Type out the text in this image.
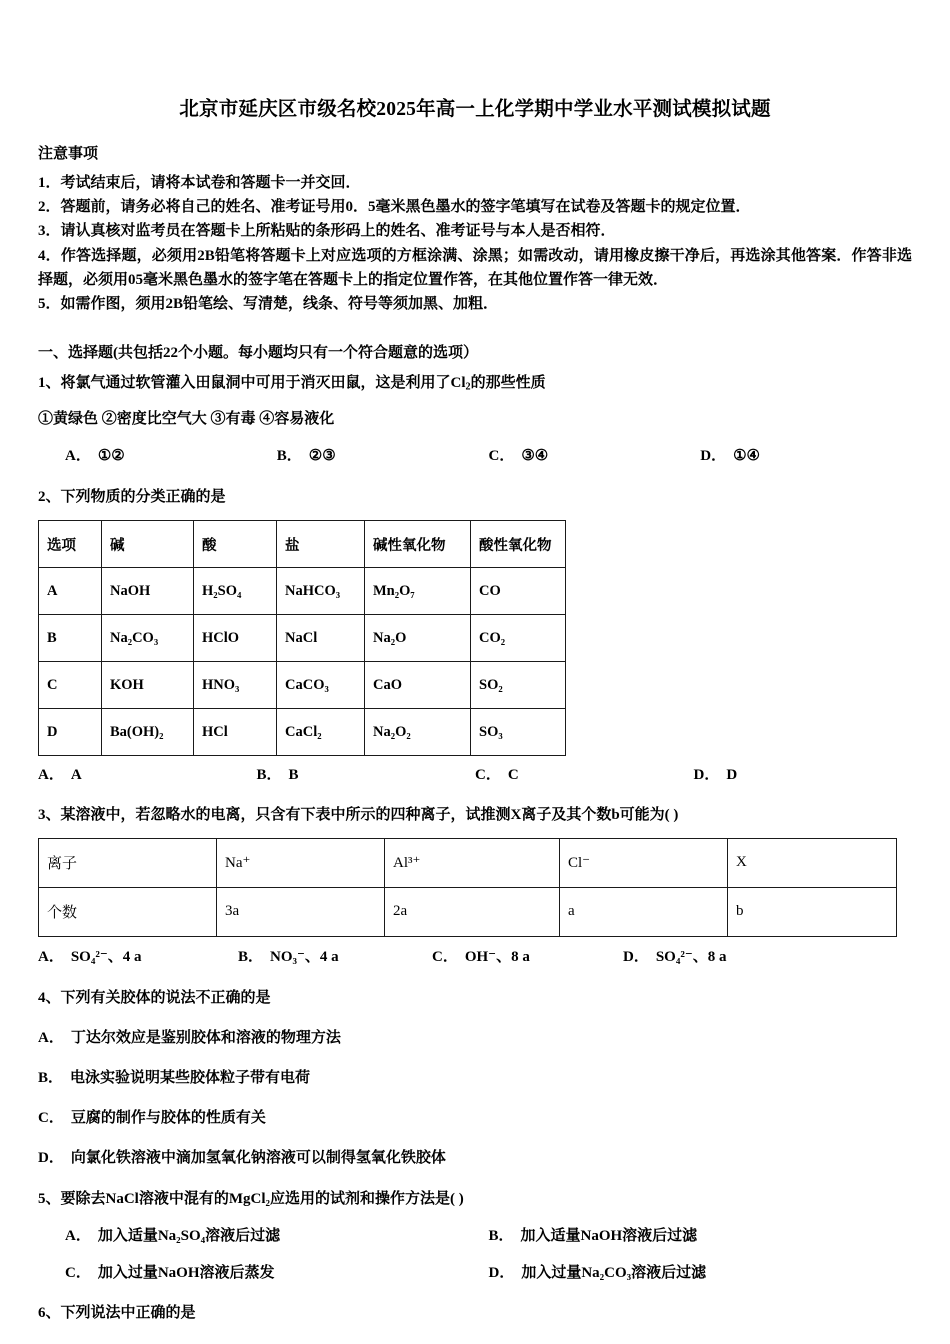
北京市延庆区市级名校2025年高一上化学期中学业水平测试模拟试题

注意事项

1．考试结束后，请将本试卷和答题卡一并交回．

2．答题前，请务必将自己的姓名、准考证号用0．5毫米黑色墨水的签字笔填写在试卷及答题卡的规定位置．

3．请认真核对监考员在答题卡上所粘贴的条形码上的姓名、准考证号与本人是否相符．

4．作答选择题，必须用2B铅笔将答题卡上对应选项的方框涂满、涂黑；如需改动，请用橡皮擦干净后，再选涂其他答案．作答非选择题，必须用05毫米黑色墨水的签字笔在答题卡上的指定位置作答，在其他位置作答一律无效．

5．如需作图，须用2B铅笔绘、写清楚，线条、符号等须加黑、加粗．

一、选择题(共包括22个小题。每小题均只有一个符合题意的选项）

1、将氯气通过软管灌入田鼠洞中可用于消灭田鼠，这是利用了$Cl_2$的那些性质

①黄绿色 ②密度比空气大 ③有毒 ④容易液化

A． ①②	B． ②③	C． ③④	D． ①④

2、下列物质的分类正确的是

选项	碱	酸	盐	碱性氧化物	酸性氧化物
A	NaOH	H₂SO₄	NaHCO₃	Mn₂O₇	CO
B	Na₂CO₃	HClO	NaCl	Na₂O	CO₂
C	KOH	HNO₃	CaCO₃	CaO	SO₂
D	Ba(OH)₂	HCl	CaCl₂	Na₂O₂	SO₃
A． A	B． B	C． C	D． D

3、某溶液中，若忽略水的电离，只含有下表中所示的四种离子，试推测X离子及其个数b可能为( )

离子	Na⁺	Al³⁺	Cl⁻	X
个数	3a	2a	a	b
A． SO₄²⁻、4 a	B． NO₃⁻、4 a	C． OH⁻、8 a	D． SO₄²⁻、8 a

4、下列有关胶体的说法不正确的是

A． 丁达尔效应是鉴别胶体和溶液的物理方法

B． 电泳实验说明某些胶体粒子带有电荷

C． 豆腐的制作与胶体的性质有关

D． 向氯化铁溶液中滴加氢氧化钠溶液可以制得氢氧化铁胶体

5、要除去NaCl溶液中混有的MgCl₂应选用的试剂和操作方法是( )

A． 加入适量Na₂SO₄溶液后过滤	B． 加入适量NaOH溶液后过滤
C． 加入过量NaOH溶液后蒸发	D． 加入过量Na₂CO₃溶液后过滤

6、下列说法中正确的是
